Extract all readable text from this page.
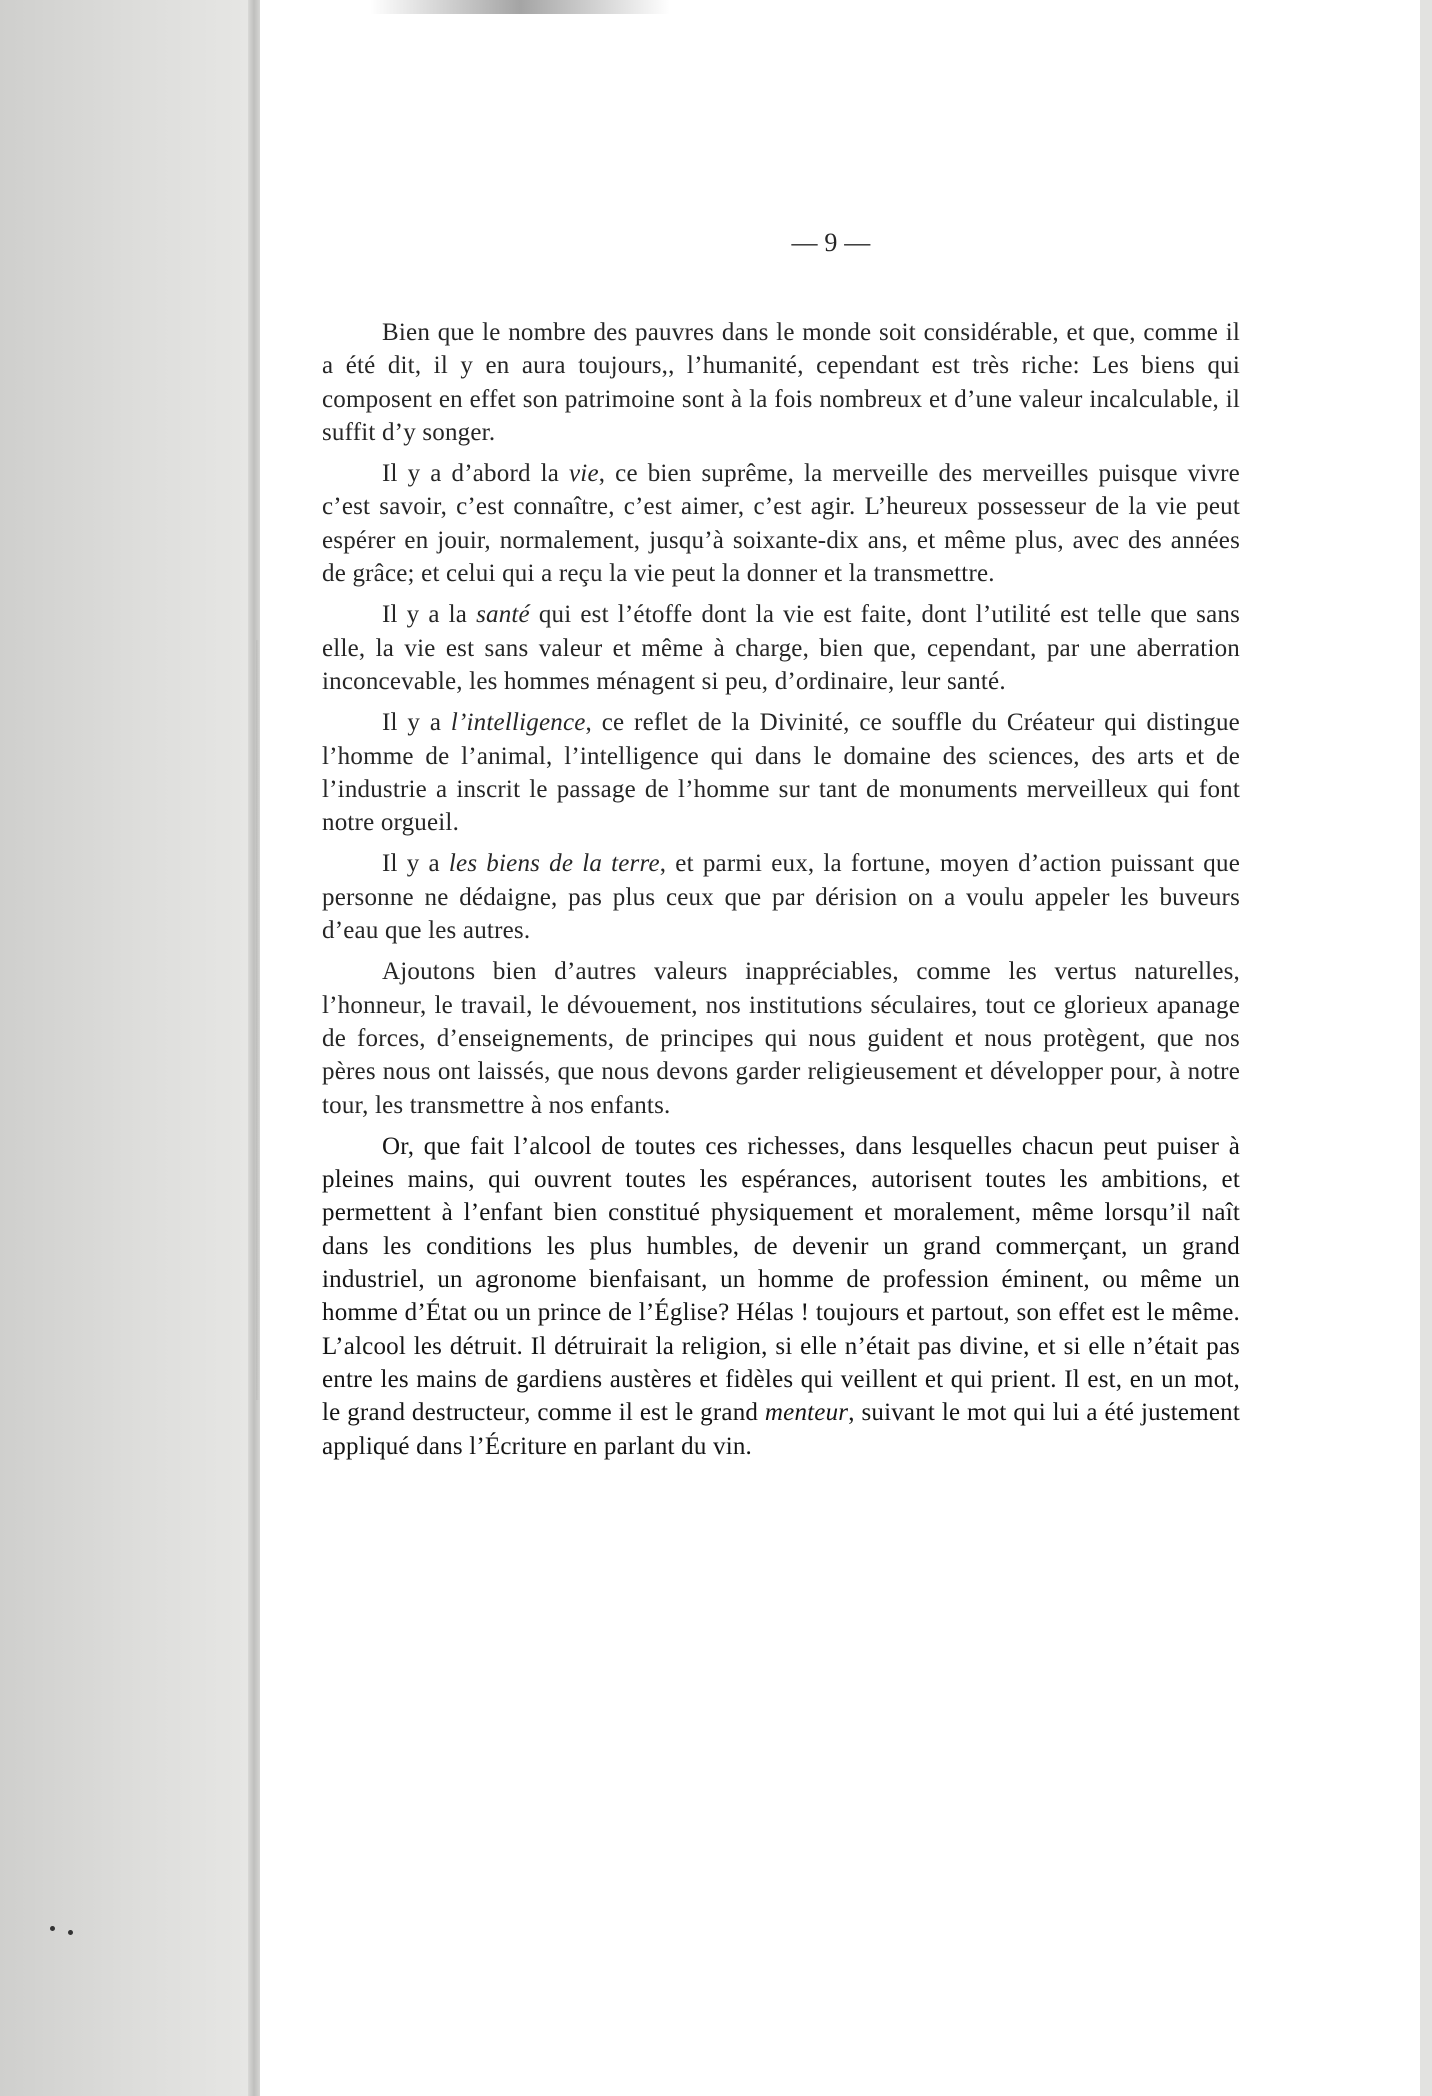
— 9 —

Bien que le nombre des pauvres dans le monde soit considérable, et que, comme il a été dit, il y en aura toujours,, l’humanité, cependant est très riche: Les biens qui composent en effet son patrimoine sont à la fois nombreux et d’une valeur incalculable, il suffit d’y songer.

Il y a d’abord la vie, ce bien suprême, la merveille des merveilles puisque vivre c’est savoir, c’est connaître, c’est aimer, c’est agir. L’heureux possesseur de la vie peut espérer en jouir, normalement, jusqu’à soixante-dix ans, et même plus, avec des années de grâce; et celui qui a reçu la vie peut la donner et la transmettre.

Il y a la santé qui est l’étoffe dont la vie est faite, dont l’utilité est telle que sans elle, la vie est sans valeur et même à charge, bien que, cependant, par une aberration inconcevable, les hommes ménagent si peu, d’ordinaire, leur santé.

Il y a l’intelligence, ce reflet de la Divinité, ce souffle du Créateur qui distingue l’homme de l’animal, l’intelligence qui dans le domaine des sciences, des arts et de l’industrie a inscrit le passage de l’homme sur tant de monuments merveilleux qui font notre orgueil.

Il y a les biens de la terre, et parmi eux, la fortune, moyen d’action puissant que personne ne dédaigne, pas plus ceux que par dérision on a voulu appeler les buveurs d’eau que les autres.

Ajoutons bien d’autres valeurs inappréciables, comme les vertus naturelles, l’honneur, le travail, le dévouement, nos institutions séculaires, tout ce glorieux apanage de forces, d’enseignements, de principes qui nous guident et nous protègent, que nos pères nous ont laissés, que nous devons garder religieusement et développer pour, à notre tour, les transmettre à nos enfants.

Or, que fait l’alcool de toutes ces richesses, dans lesquelles chacun peut puiser à pleines mains, qui ouvrent toutes les espérances, autorisent toutes les ambitions, et permettent à l’enfant bien constitué physiquement et moralement, même lorsqu’il naît dans les conditions les plus humbles, de devenir un grand commerçant, un grand industriel, un agronome bienfaisant, un homme de profession éminent, ou même un homme d’État ou un prince de l’Église? Hélas ! toujours et partout, son effet est le même. L’alcool les détruit. Il détruirait la religion, si elle n’était pas divine, et si elle n’était pas entre les mains de gardiens austères et fidèles qui veillent et qui prient. Il est, en un mot, le grand destructeur, comme il est le grand menteur, suivant le mot qui lui a été justement appliqué dans l’Écriture en parlant du vin.
